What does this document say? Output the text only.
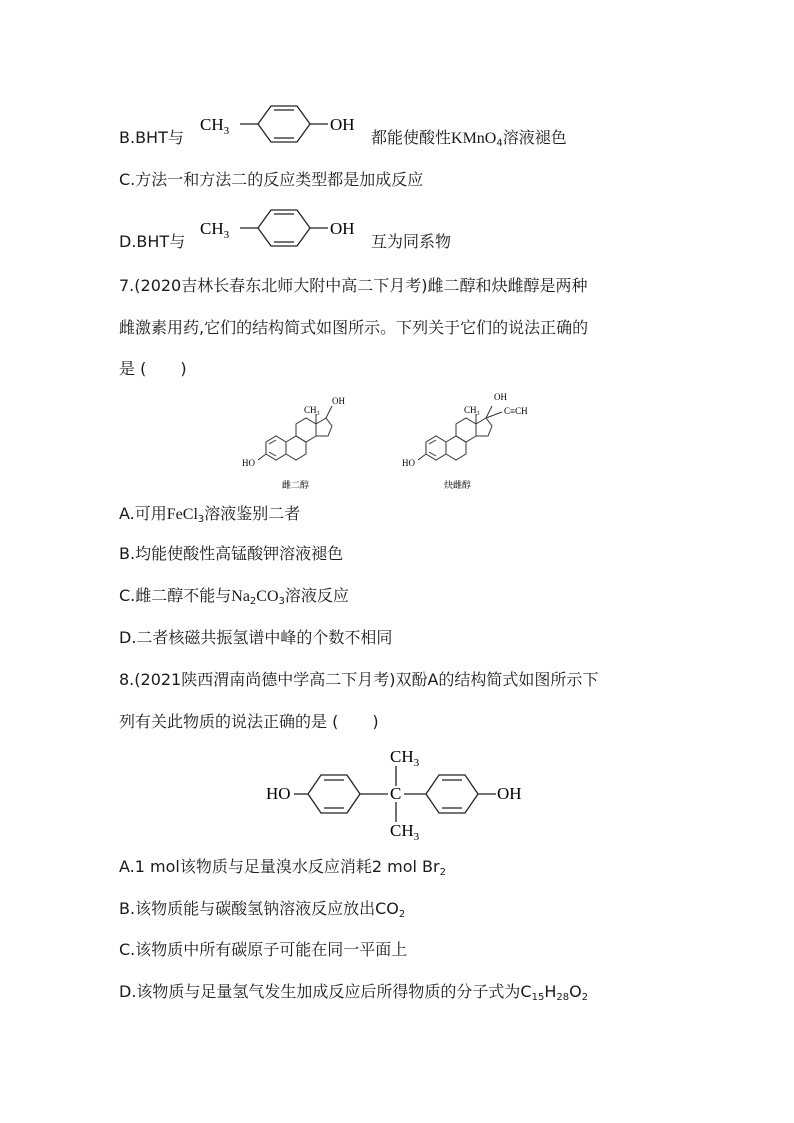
B.BHT与
$CH_3$	OH
都能使酸性KMnO$_4$溶液褪色
C.方法一和方法二的反应类型都是加成反应
D.BHT与
$CH_3$	OH
互为同系物
7.(2020吉林长春东北师大附中高二下月考)雌二醇和炔雌醇是两种
雌激素用药,它们的结构简式如图所示。下列关于它们的说法正确的
是 ( )
HO
OH
$CH_3$
雌二醇
HO
OH
$CH_3$	C≡CH
炔雌醇
A.可用FeCl$_3$溶液鉴别二者
B.均能使酸性高锰酸钾溶液褪色
C.雌二醇不能与$Na_2CO_3$溶液反应
D.二者核磁共振氢谱中峰的个数不相同
8.(2021陕西渭南尚德中学高二下月考)双酚A的结构简式如图所示下
列有关此物质的说法正确的是 ( )
HO	C
$CH_3$
$CH_3$
OH
A.1 mol该物质与足量溴水反应消耗2 mol $Br_2$
B.该物质能与碳酸氢钠溶液反应放出$CO_2$
C.该物质中所有碳原子可能在同一平面上
D.该物质与足量氢气发生加成反应后所得物质的分子式为$C_{15}H_{28}O_2$
